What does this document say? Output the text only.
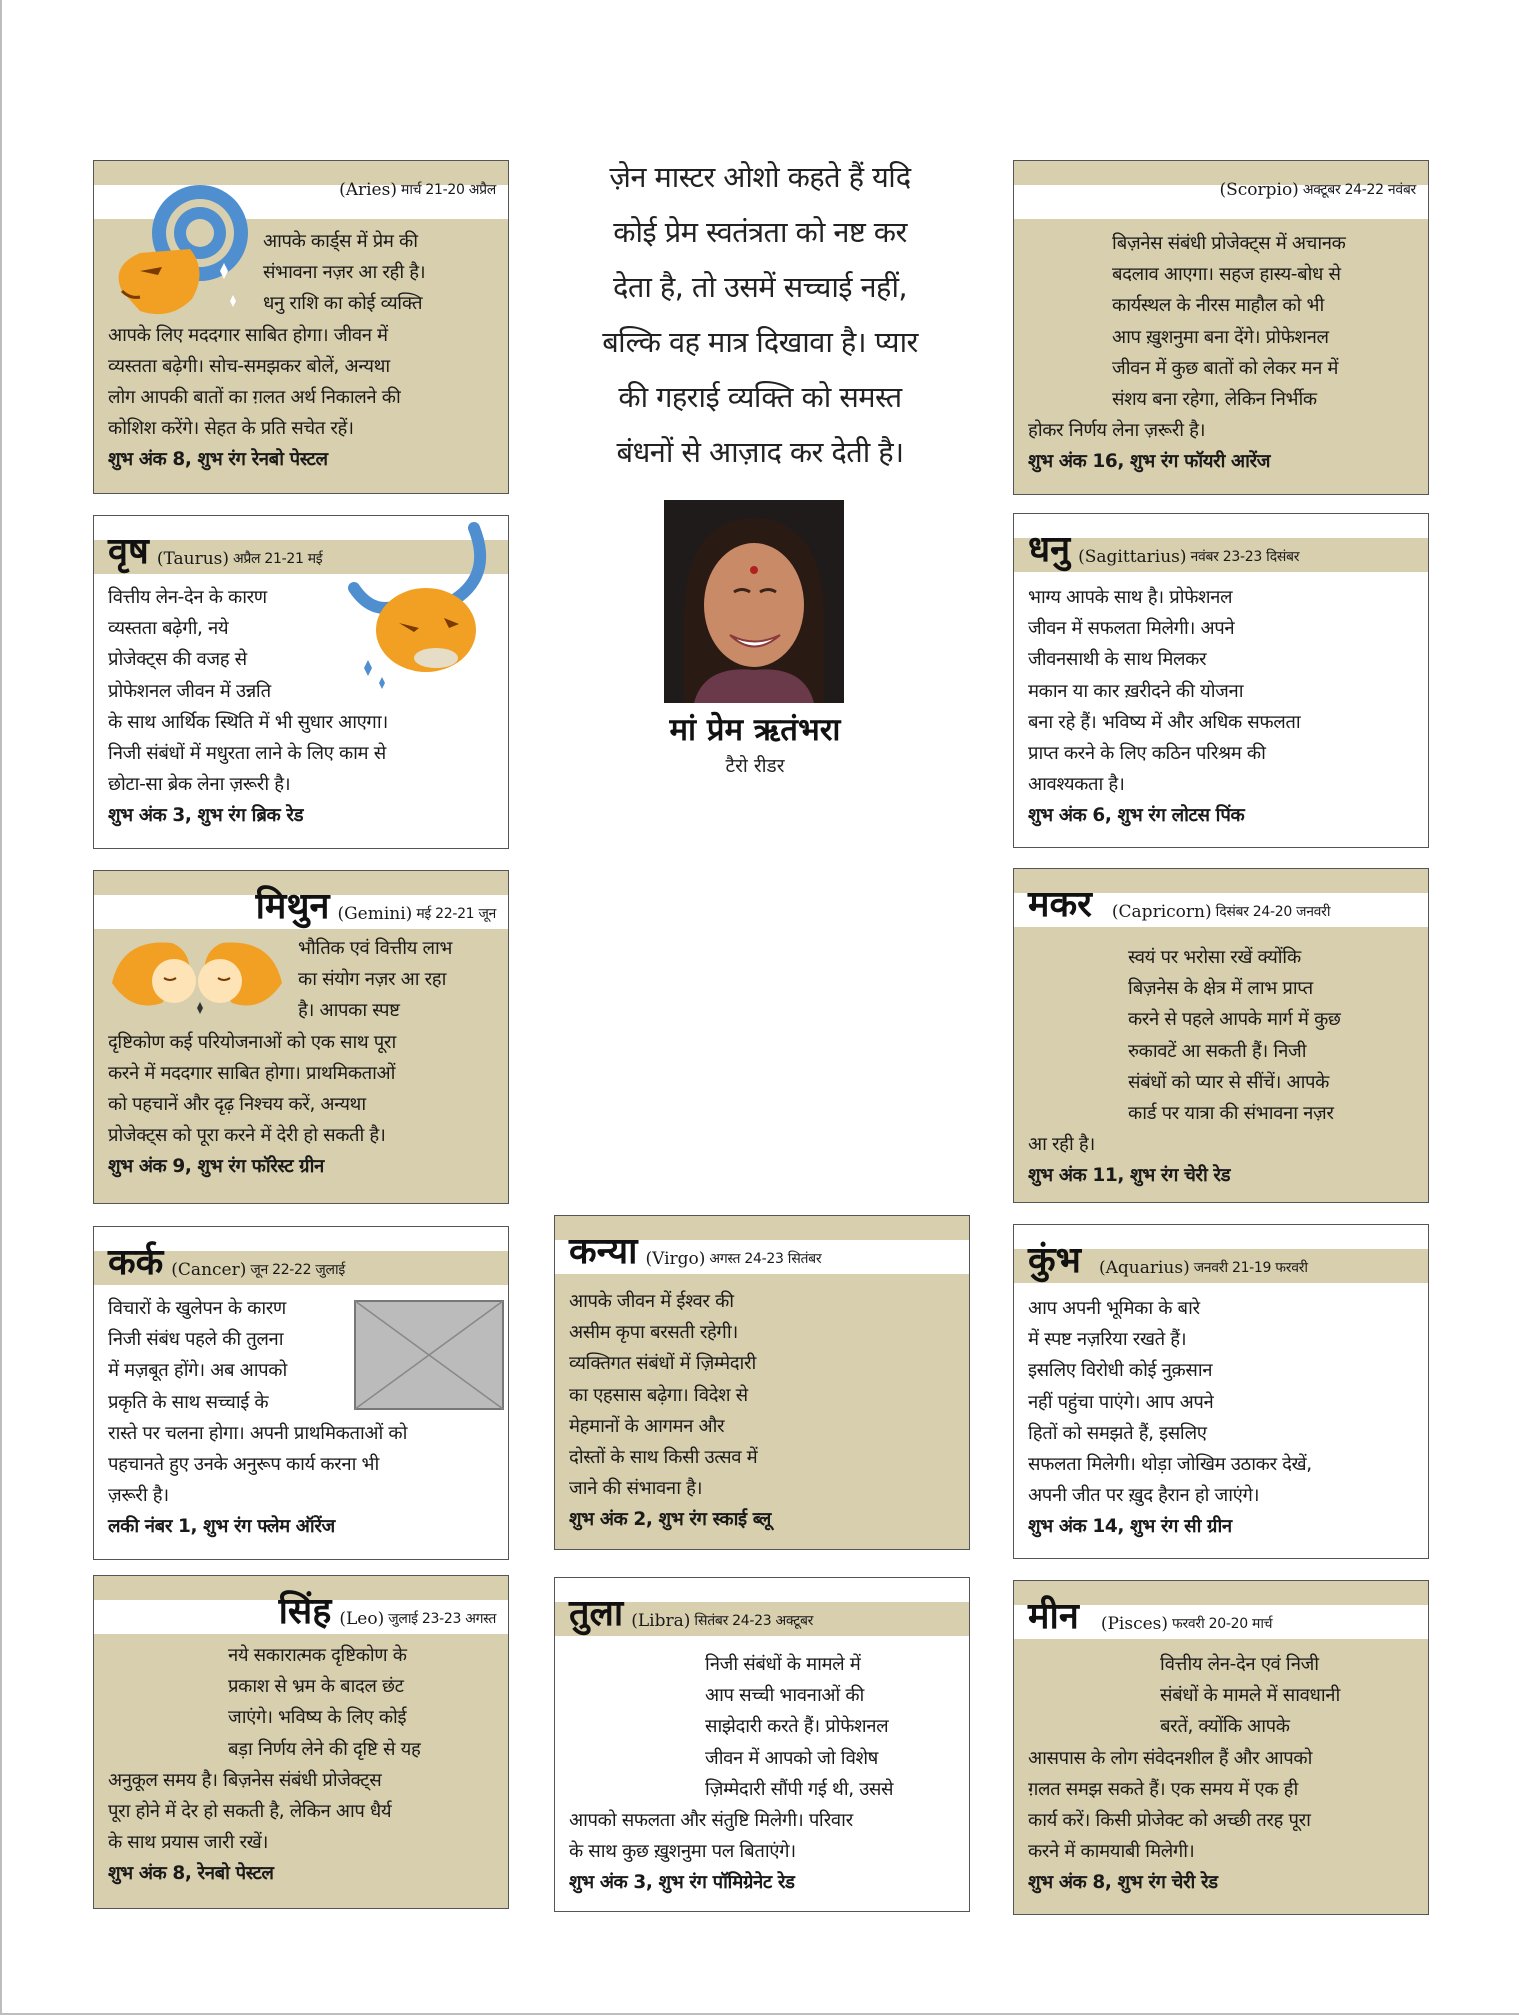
(Aries) मार्च 21-20 अप्रैल

आपके कार्ड्स में प्रेम की

संभावना नज़र आ रही है।

धनु राशि का कोई व्यक्ति

आपके लिए मददगार साबित होगा। जीवन में

व्यस्तता बढ़ेगी। सोच-समझकर बोलें, अन्यथा

लोग आपकी बातों का ग़लत अर्थ निकालने की

कोशिश करेंगे। सेहत के प्रति सचेत रहें।

शुभ अंक 8, शुभ रंग रेनबो पेस्टल

वृष (Taurus) अप्रैल 21-21 मई

वित्तीय लेन-देन के कारण

व्यस्तता बढ़ेगी, नये

प्रोजेक्ट्स की वजह से

प्रोफेशनल जीवन में उन्नति

के साथ आर्थिक स्थिति में भी सुधार आएगा।

निजी संबंधों में मधुरता लाने के लिए काम से

छोटा-सा ब्रेक लेना ज़रूरी है।

शुभ अंक 3, शुभ रंग ब्रिक रेड

मिथुन (Gemini) मई 22-21 जून

भौतिक एवं वित्तीय लाभ

का संयोग नज़र आ रहा

है। आपका स्पष्ट

दृष्टिकोण कई परियोजनाओं को एक साथ पूरा

करने में मददगार साबित होगा। प्राथमिकताओं

को पहचानें और दृढ़ निश्चय करें, अन्यथा

प्रोजेक्ट्स को पूरा करने में देरी हो सकती है।

शुभ अंक 9, शुभ रंग फॉरेस्ट ग्रीन

कर्क (Cancer) जून 22-22 जुलाई

विचारों के खुलेपन के कारण

निजी संबंध पहले की तुलना

में मज़बूत होंगे। अब आपको

प्रकृति के साथ सच्चाई के

रास्ते पर चलना होगा। अपनी प्राथमिकताओं को

पहचानते हुए उनके अनुरूप कार्य करना भी

ज़रूरी है।

लकी नंबर 1, शुभ रंग फ्लेम ऑरेंज

सिंह (Leo) जुलाई 23-23 अगस्त

नये सकारात्मक दृष्टिकोण के

प्रकाश से भ्रम के बादल छंट

जाएंगे। भविष्य के लिए कोई

बड़ा निर्णय लेने की दृष्टि से यह

अनुकूल समय है। बिज़नेस संबंधी प्रोजेक्ट्स

पूरा होने में देर हो सकती है, लेकिन आप धैर्य

के साथ प्रयास जारी रखें।

शुभ अंक 8, रेनबो पेस्टल

ज़ेन मास्टर ओशो कहते हैं यदि

कोई प्रेम स्वतंत्रता को नष्ट कर

देता है, तो उसमें सच्चाई नहीं,

बल्कि वह मात्र दिखावा है। प्यार

की गहराई व्यक्ति को समस्त

बंधनों से आज़ाद कर देती है।

मां प्रेम ऋतंभरा
टैरो रीडर
कन्या (Virgo) अगस्त 24-23 सितंबर

आपके जीवन में ईश्वर की

असीम कृपा बरसती रहेगी।

व्यक्तिगत संबंधों में ज़िम्मेदारी

का एहसास बढ़ेगा। विदेश से

मेहमानों के आगमन और

दोस्तों के साथ किसी उत्सव में

जाने की संभावना है।

शुभ अंक 2, शुभ रंग स्काई ब्लू

तुला (Libra) सितंबर 24-23 अक्टूबर

निजी संबंधों के मामले में

आप सच्ची भावनाओं की

साझेदारी करते हैं। प्रोफेशनल

जीवन में आपको जो विशेष

ज़िम्मेदारी सौंपी गई थी, उससे

आपको सफलता और संतुष्टि मिलेगी। परिवार

के साथ कुछ ख़ुशनुमा पल बिताएंगे।

शुभ अंक 3, शुभ रंग पॉमिग्रेनेट रेड

(Scorpio) अक्टूबर 24-22 नवंबर

बिज़नेस संबंधी प्रोजेक्ट्स में अचानक

बदलाव आएगा। सहज हास्य-बोध से

कार्यस्थल के नीरस माहौल को भी

आप ख़ुशनुमा बना देंगे। प्रोफेशनल

जीवन में कुछ बातों को लेकर मन में

संशय बना रहेगा, लेकिन निर्भीक

होकर निर्णय लेना ज़रूरी है।

शुभ अंक 16, शुभ रंग फॉयरी आरेंज

धनु (Sagittarius) नवंबर 23-23 दिसंबर

भाग्य आपके साथ है। प्रोफेशनल

जीवन में सफलता मिलेगी। अपने

जीवनसाथी के साथ मिलकर

मकान या कार ख़रीदने की योजना

बना रहे हैं। भविष्य में और अधिक सफलता

प्राप्त करने के लिए कठिन परिश्रम की

आवश्यकता है।

शुभ अंक 6, शुभ रंग लोटस पिंक

मकर (Capricorn) दिसंबर 24-20 जनवरी

स्वयं पर भरोसा रखें क्योंकि

बिज़नेस के क्षेत्र में लाभ प्राप्त

करने से पहले आपके मार्ग में कुछ

रुकावटें आ सकती हैं। निजी

संबंधों को प्यार से सींचें। आपके

कार्ड पर यात्रा की संभावना नज़र

आ रही है।

शुभ अंक 11, शुभ रंग चेरी रेड

कुंभ (Aquarius) जनवरी 21-19 फरवरी

आप अपनी भूमिका के बारे

में स्पष्ट नज़रिया रखते हैं।

इसलिए विरोधी कोई नुक़सान

नहीं पहुंचा पाएंगे। आप अपने

हितों को समझते हैं, इसलिए

सफलता मिलेगी। थोड़ा जोखिम उठाकर देखें,

अपनी जीत पर ख़ुद हैरान हो जाएंगे।

शुभ अंक 14, शुभ रंग सी ग्रीन

मीन (Pisces) फरवरी 20-20 मार्च

वित्तीय लेन-देन एवं निजी

संबंधों के मामले में सावधानी

बरतें, क्योंकि आपके

आसपास के लोग संवेदनशील हैं और आपको

ग़लत समझ सकते हैं। एक समय में एक ही

कार्य करें। किसी प्रोजेक्ट को अच्छी तरह पूरा

करने में कामयाबी मिलेगी।

शुभ अंक 8, शुभ रंग चेरी रेड
